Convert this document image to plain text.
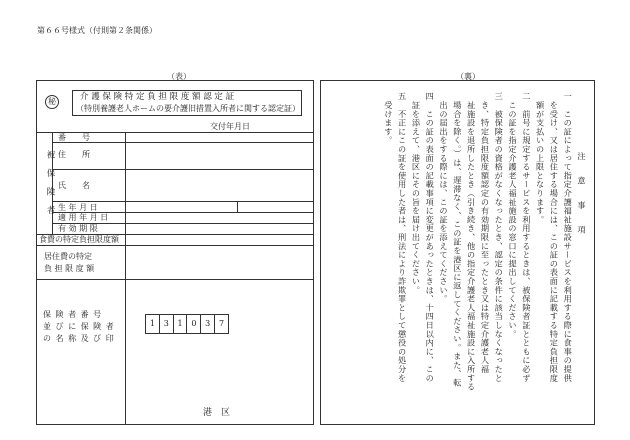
第６６号様式（付則第２条関係）
（表）	（裏）
秘	介 護 保 険 特 定 負 担 限 度 額 認 定 証
（特別養護老人ホームの要介護旧措置入所者に関する認定証）
交付年月日
被保険者
番　　号
住　　所
氏　　名
生 年 月 日
適 用 年 月 日
有 効 期 限
食費の特定負担限度額
居住費の特定
負 担 限 度 額
保 険 者 番 号
並 び に 保 険 者
の 名 称 及 び 印
1	3	1	0	3	7
港　区
注　意　事　項
一　この証によって指定介護福祉施設サービスを利用する際に食事の提供
　を受け、又は居住する場合には、この証の表面に記載する特定負担限度
　額が支払いの上限となります。
二　前号に規定するサービスを利用するときは、被保険者証とともに必ず
　この証を指定介護老人福祉施設の窓口に提出してください。
三　被保険者の資格がなくなったとき、認定の条件に該当しなくなったと
　き、特定負担限度額認定の有効期限に至ったとき又は特定介護老人福
　祉施設を退所したとき（引き続き、他の指定介護老人福祉施設に入所する
　場合を除く。）は、遅滞なく、この証を港区に返してください。また、転
　出の届出をする際には、この証を添えてください。
四　この証の表面の記載事項に変更があったときは、十四日以内に、この
　証を添えて、港区にその旨を届け出てください。
五　不正にこの証を使用した者は、刑法により詐欺罪として懲役の処分を
　受けます。
